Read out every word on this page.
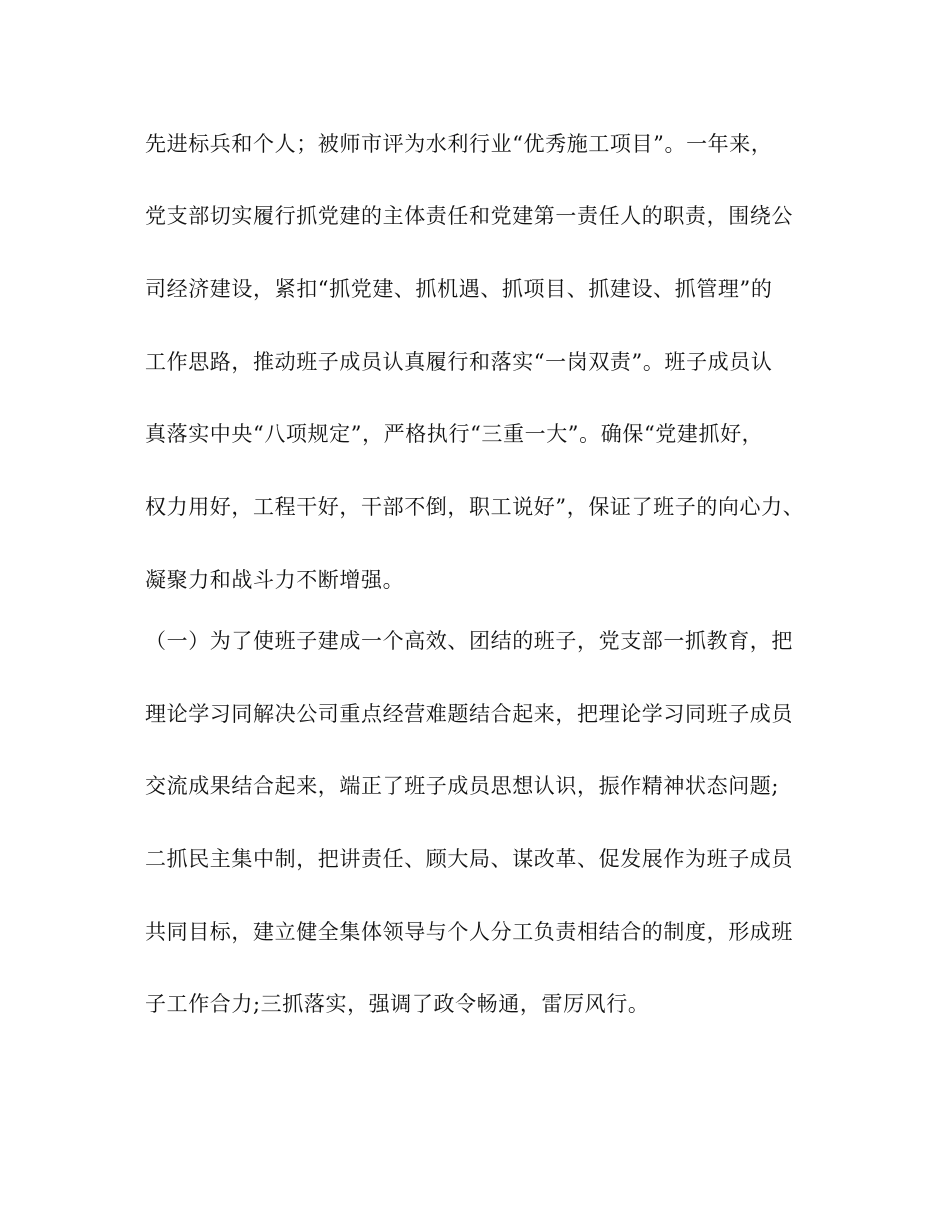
先进标兵和个人；被师市评为水利行业“优秀施工项目”。一年来，
党支部切实履行抓党建的主体责任和党建第一责任人的职责，围绕公
司经济建设，紧扣“抓党建、抓机遇、抓项目、抓建设、抓管理”的
工作思路，推动班子成员认真履行和落实“一岗双责”。班子成员认
真落实中央“八项规定”，严格执行“三重一大”。确保“党建抓好，
权力用好，工程干好，干部不倒，职工说好”，保证了班子的向心力、
凝聚力和战斗力不断增强。
（一）为了使班子建成一个高效、团结的班子，党支部一抓教育，把
理论学习同解决公司重点经营难题结合起来，把理论学习同班子成员
交流成果结合起来，端正了班子成员思想认识，振作精神状态问题;
二抓民主集中制，把讲责任、顾大局、谋改革、促发展作为班子成员
共同目标，建立健全集体领导与个人分工负责相结合的制度，形成班
子工作合力;三抓落实，强调了政令畅通，雷厉风行。
